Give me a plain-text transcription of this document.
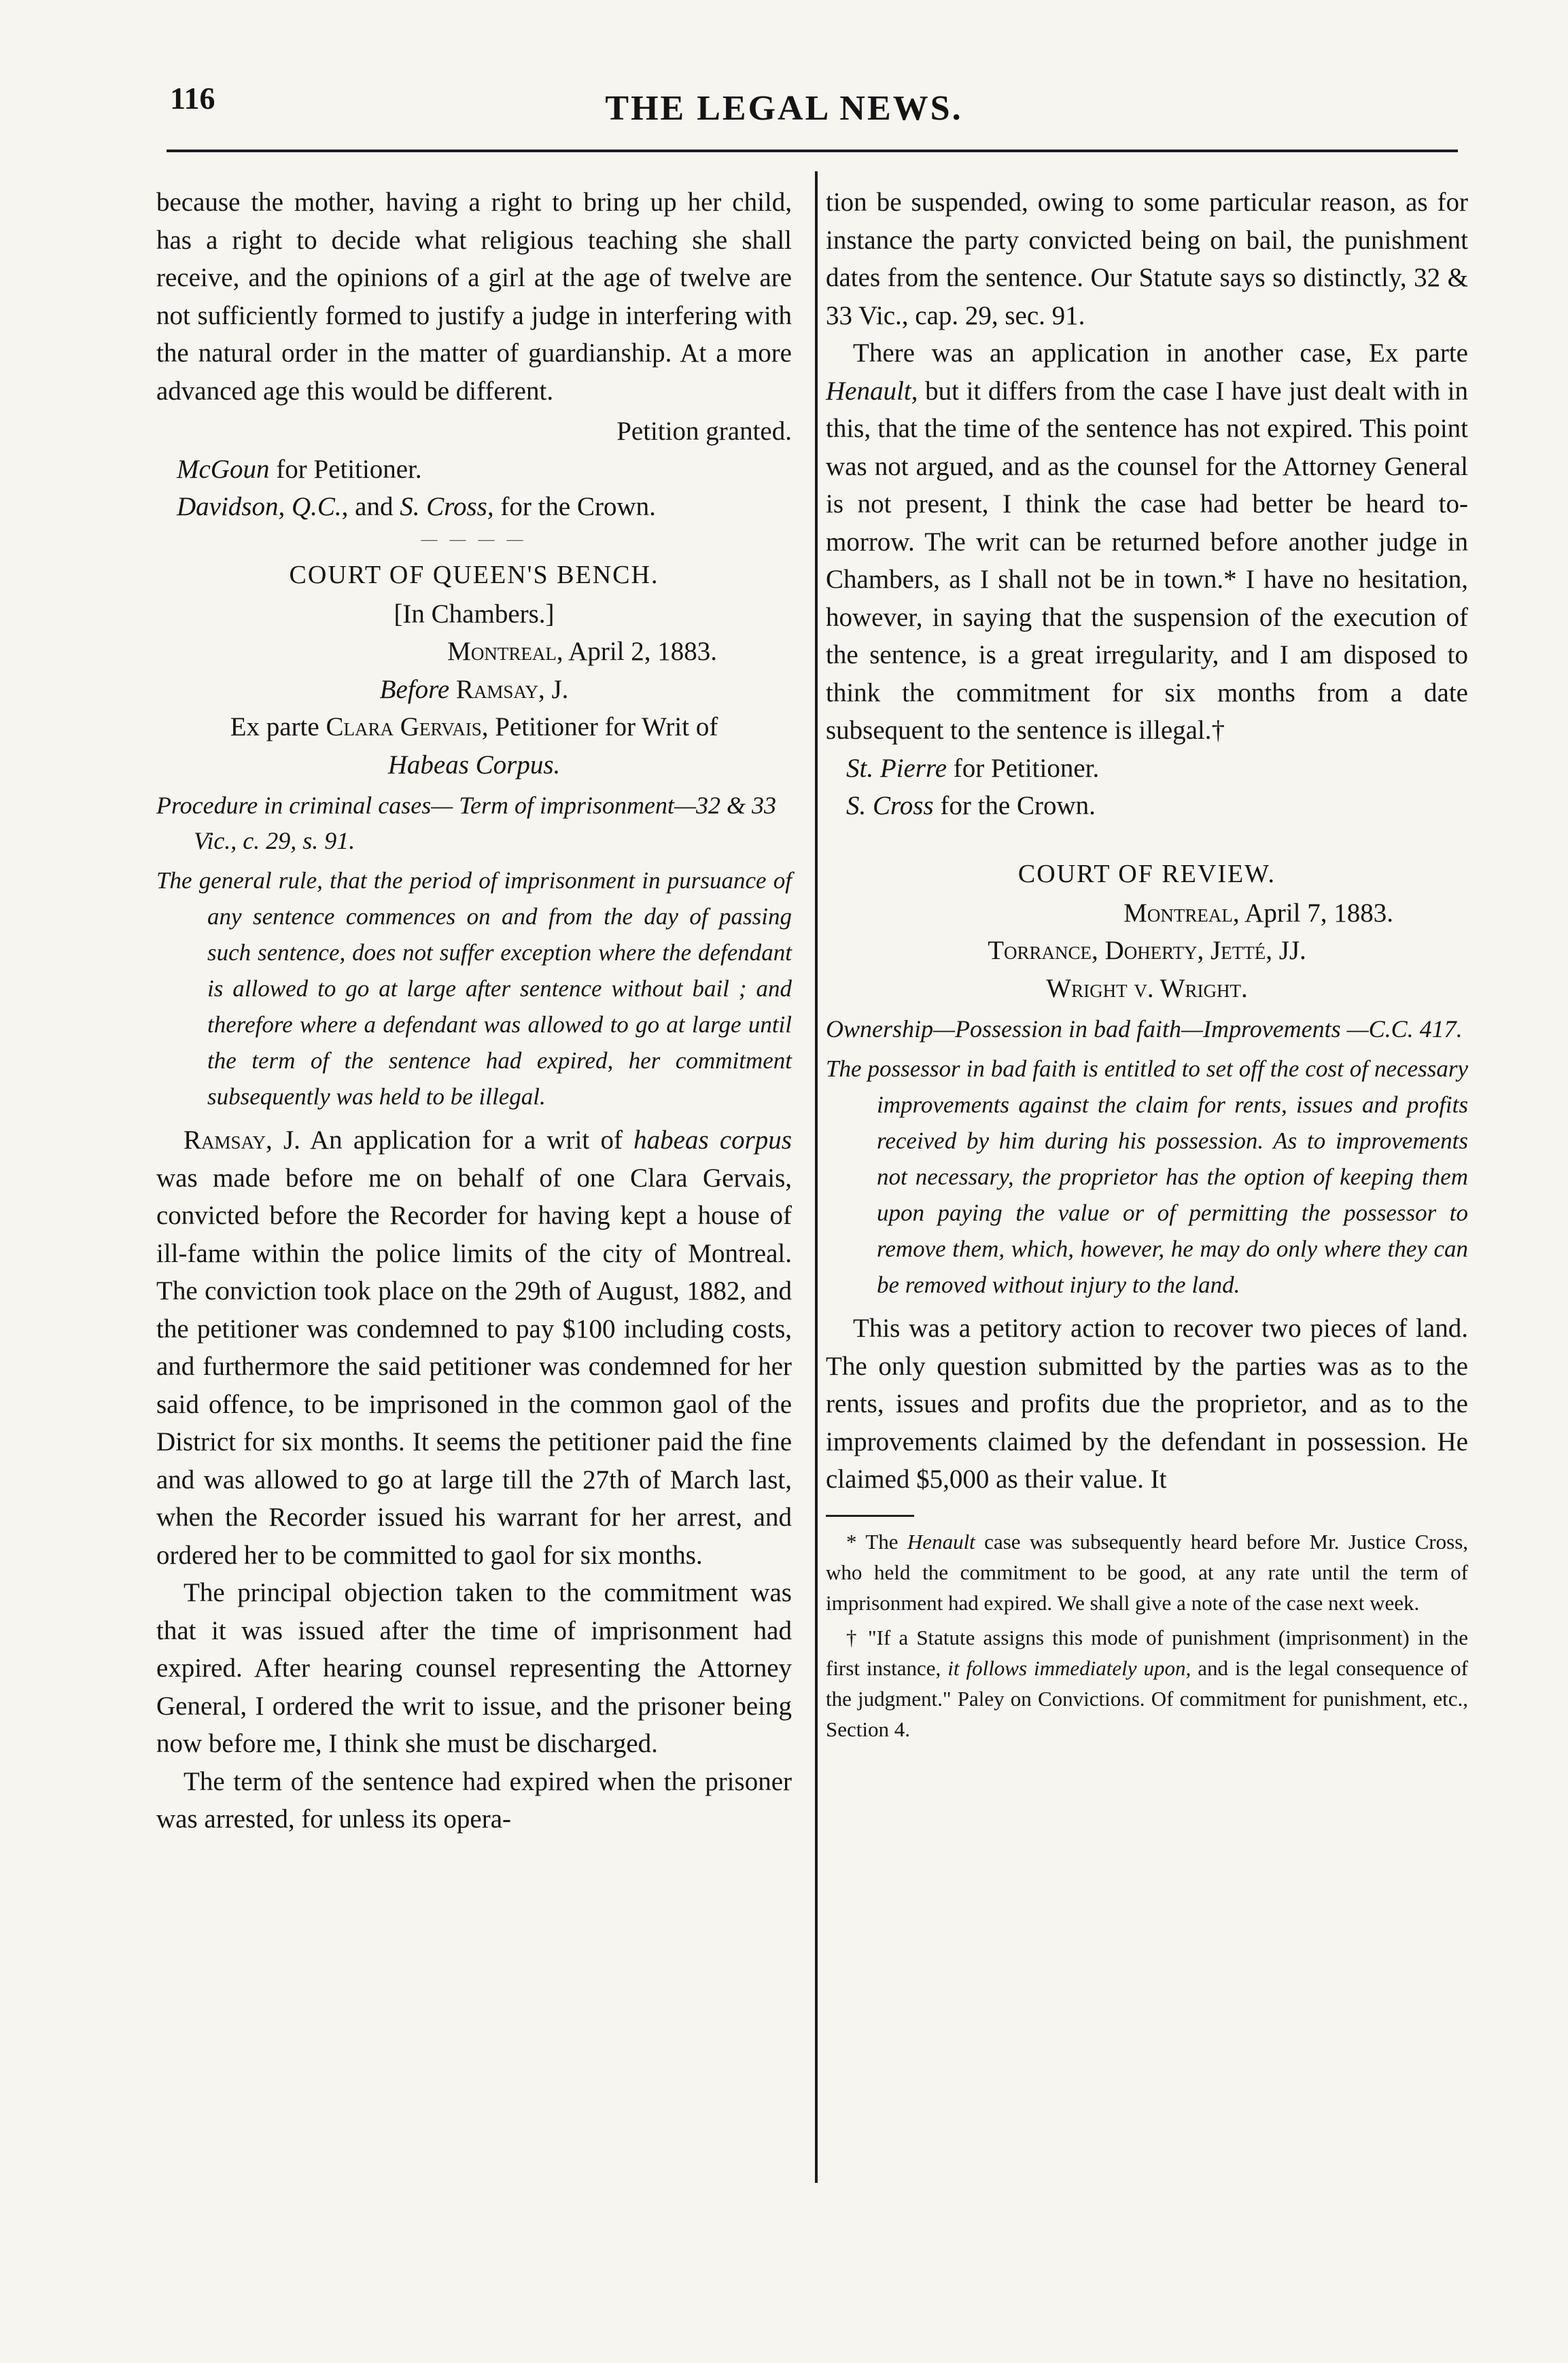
116	THE LEGAL NEWS.

because the mother, having a right to bring up her child, has a right to decide what religious teaching she shall receive, and the opinions of a girl at the age of twelve are not sufficiently formed to justify a judge in interfering with the natural order in the matter of guardianship. At a more advanced age this would be different.

Petition granted.

McGoun for Petitioner.

Davidson, Q.C., and S. Cross, for the Crown.

— — — —
COURT OF QUEEN'S BENCH.

[In Chambers.]

Montreal, April 2, 1883.

Before Ramsay, J.

Ex parte Clara Gervais, Petitioner for Writ of
Habeas Corpus.

Procedure in criminal cases— Term of imprisonment—32 & 33 Vic., c. 29, s. 91.

The general rule, that the period of imprisonment in pursuance of any sentence commences on and from the day of passing such sentence, does not suffer exception where the defendant is allowed to go at large after sentence without bail ; and therefore where a defendant was allowed to go at large until the term of the sentence had expired, her commitment subsequently was held to be illegal.

Ramsay, J. An application for a writ of habeas corpus was made before me on behalf of one Clara Gervais, convicted before the Recorder for having kept a house of ill-fame within the police limits of the city of Montreal. The conviction took place on the 29th of August, 1882, and the petitioner was condemned to pay $100 including costs, and furthermore the said petitioner was condemned for her said offence, to be imprisoned in the common gaol of the District for six months. It seems the petitioner paid the fine and was allowed to go at large till the 27th of March last, when the Recorder issued his warrant for her arrest, and ordered her to be committed to gaol for six months.

The principal objection taken to the commitment was that it was issued after the time of imprisonment had expired. After hearing counsel representing the Attorney General, I ordered the writ to issue, and the prisoner being now before me, I think she must be discharged.

The term of the sentence had expired when the prisoner was arrested, for unless its opera-

tion be suspended, owing to some particular reason, as for instance the party convicted being on bail, the punishment dates from the sentence. Our Statute says so distinctly, 32 & 33 Vic., cap. 29, sec. 91.

There was an application in another case, Ex parte Henault, but it differs from the case I have just dealt with in this, that the time of the sentence has not expired. This point was not argued, and as the counsel for the Attorney General is not present, I think the case had better be heard to-morrow. The writ can be returned before another judge in Chambers, as I shall not be in town.* I have no hesitation, however, in saying that the suspension of the execution of the sentence, is a great irregularity, and I am disposed to think the commitment for six months from a date subsequent to the sentence is illegal.†

St. Pierre for Petitioner.

S. Cross for the Crown.

COURT OF REVIEW.

Montreal, April 7, 1883.

Torrance, Doherty, Jetté, JJ.

Wright v. Wright.

Ownership—Possession in bad faith—Improvements —C.C. 417.

The possessor in bad faith is entitled to set off the cost of necessary improvements against the claim for rents, issues and profits received by him during his possession. As to improvements not necessary, the proprietor has the option of keeping them upon paying the value or of permitting the possessor to remove them, which, however, he may do only where they can be removed without injury to the land.

This was a petitory action to recover two pieces of land. The only question submitted by the parties was as to the rents, issues and profits due the proprietor, and as to the improvements claimed by the defendant in possession. He claimed $5,000 as their value. It

* The Henault case was subsequently heard before Mr. Justice Cross, who held the commitment to be good, at any rate until the term of imprisonment had expired. We shall give a note of the case next week.

† "If a Statute assigns this mode of punishment (imprisonment) in the first instance, it follows immediately upon, and is the legal consequence of the judgment." Paley on Convictions. Of commitment for punishment, etc., Section 4.
